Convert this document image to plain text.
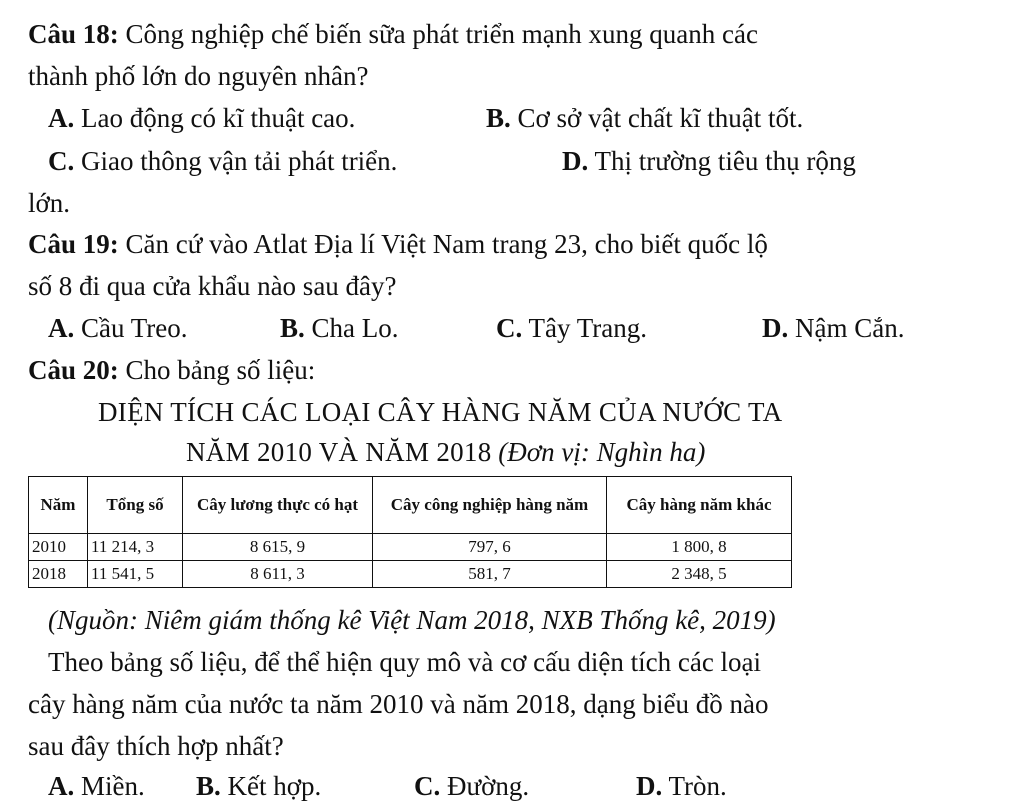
Câu 18: Công nghiệp chế biến sữa phát triển mạnh xung quanh các
thành phố lớn do nguyên nhân?
A. Lao động có kĩ thuật cao.	B. Cơ sở vật chất kĩ thuật tốt.
C. Giao thông vận tải phát triển.	D. Thị trường tiêu thụ rộng
lớn.
Câu 19: Căn cứ vào Atlat Địa lí Việt Nam trang 23, cho biết quốc lộ
số 8 đi qua cửa khẩu nào sau đây?
A. Cầu Treo.	B. Cha Lo.	C. Tây Trang.	D. Nậm Cắn.
Câu 20: Cho bảng số liệu:
DIỆN TÍCH CÁC LOẠI CÂY HÀNG NĂM CỦA NƯỚC TA
NĂM 2010 VÀ NĂM 2018 (Đơn vị: Nghìn ha)
Năm	Tổng số	Cây lương thực có hạt	Cây công nghiệp hàng năm	Cây hàng năm khác
2010	11 214, 3	8 615, 9	797, 6	1 800, 8
2018	11 541, 5	8 611, 3	581, 7	2 348, 5
(Nguồn: Niêm giám thống kê Việt Nam 2018, NXB Thống kê, 2019)
Theo bảng số liệu, để thể hiện quy mô và cơ cấu diện tích các loại
cây hàng năm của nước ta năm 2010 và năm 2018, dạng biểu đồ nào
sau đây thích hợp nhất?
A. Miền. B. Kết hợp.	C. Đường.	D. Tròn.
